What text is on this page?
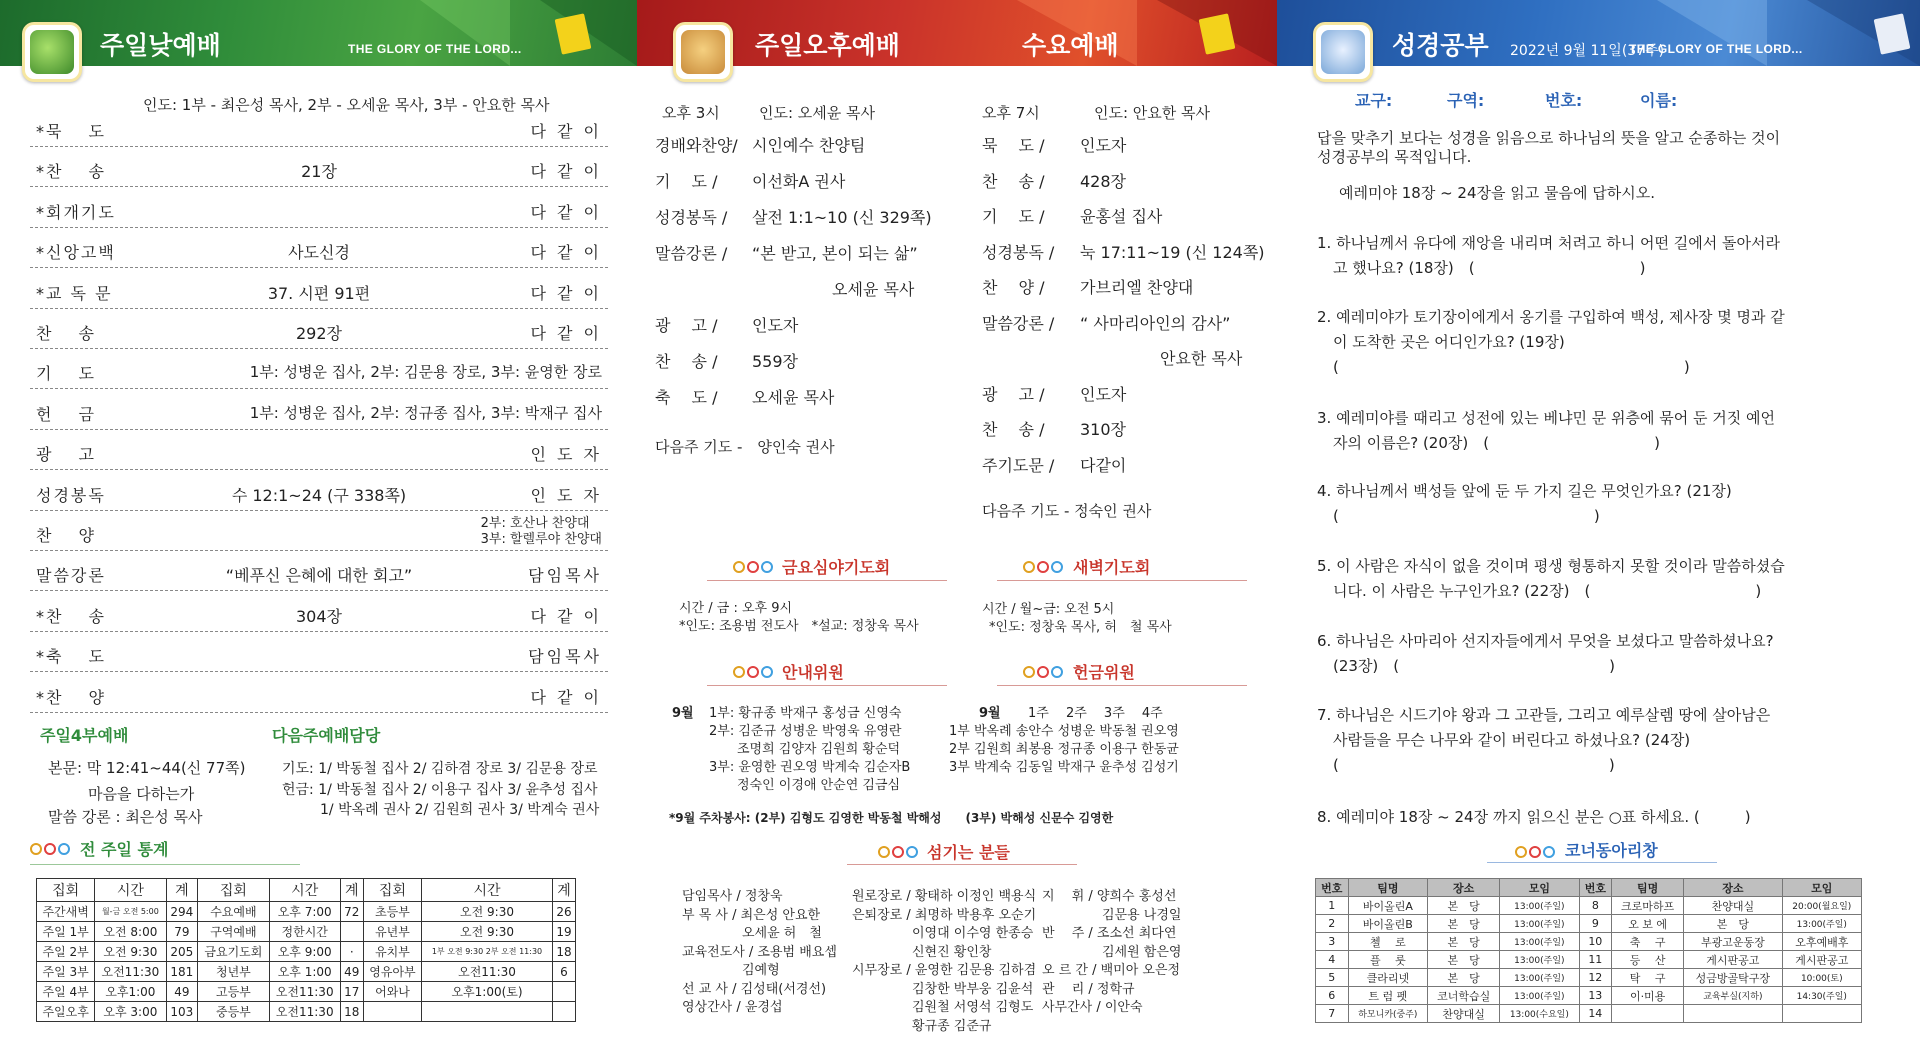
주일낮예배	THE GLORY OF THE LORD...
인도: 1부 - 최은성 목사, 2부 - 오세윤 목사, 3부 - 안요한 목사
*묵　 도	다 같 이
*찬　 송	21장	다 같 이
*회개기도	다 같 이
*신앙고백	사도신경	다 같 이
*교 독 문	37. 시편 91편	다 같 이
찬　 송	292장	다 같 이
기　 도	1부: 성병운 집사, 2부: 김문용 장로, 3부: 윤영한 장로
헌　 금	1부: 성병운 집사, 2부: 정규종 집사, 3부: 박재구 집사
광　 고	인 도 자
성경봉독	수 12:1~24 (구 338쪽)	인 도 자
찬　 양
2부: 호산나 찬양대
3부: 할렐루야 찬양대
말씀강론	“베푸신 은혜에 대한 회고”	담임목사
*찬　 송	304장	다 같 이
*축　 도	담임목사
*찬　 양	다 같 이
주일4부예배
본문: 막 12:41~44(신 77쪽)
마음을 다하는가
말씀 강론 : 최은성 목사
다음주예배담당
기도: 1/ 박동철 집사 2/ 김하겸 장로 3/ 김문용 장로
헌금: 1/ 박동철 집사 2/ 이용구 집사 3/ 윤추성 집사
1/ 박옥례 권사 2/ 김원희 권사 3/ 박계숙 권사
전 주일 통계
집회	시간	계	집회	시간	계	집회	시간	계
주간새벽	월-금 오전 5:00	294	수요예배	오후 7:00	72	초등부	오전 9:30	26
주일 1부	오전 8:00	79	구역예배	정한시간		유년부	오전 9:30	19
주일 2부	오전 9:30	205	금요기도회	오후 9:00	·	유치부	1부 오전 9:30 2부 오전 11:30	18
주일 3부	오전11:30	181	청년부	오후 1:00	49	영유아부	오전11:30	6
주일 4부	오후1:00	49	고등부	오전11:30	17	어와나	오후1:00(토)	
주일오후	오후 3:00	103	중등부	오전11:30	18			
주일오후예배	수요예배
오후 3시	인도: 오세윤 목사
경배와찬양/ 시인예수 찬양팀
기　 도 / 이선화A 권사
성경봉독 / 살전 1:1~10 (신 329쪽)
말씀강론 / “본 받고, 본이 되는 삶”
오세윤 목사
광　 고 / 인도자
찬　 송 / 559장
축　 도 / 오세윤 목사
다음주 기도 -　양인숙 권사
오후 7시	인도: 안요한 목사
묵　 도 / 인도자
찬　 송 / 428장
기　 도 / 윤홍설 집사
성경봉독 / 눅 17:11~19 (신 124쪽)
찬　 양 / 가브리엘 찬양대
말씀강론 / “ 사마리아인의 감사”
안요한 목사
광　 고 / 인도자
찬　 송 / 310장
주기도문 / 다같이
다음주 기도 - 정숙인 권사
금요심야기도회
시간 / 금 : 오후 9시
*인도: 조용범 전도사　*설교: 정창욱 목사
새벽기도회
시간 / 월~금: 오전 5시
*인도: 정창욱 목사, 허　철 목사
안내위원
9월 1부: 황규종 박재구 홍성금 신영숙
2부: 김준규 성병운 박영욱 유영란
조명희 김양자 김원희 황순덕
3부: 윤영한 권오영 박계숙 김순자B
정숙인 이경애 안순연 김금심
헌금위원
9월 1주　 2주　 3주　 4주
1부 박옥례 송안수 성병운 박동철 권오영
2부 김원희 최봉용 정규종 이용구 한동균
3부 박계숙 김동일 박재구 윤추성 김성기
*9월 주차봉사: (2부) 김형도 김영한 박동철 박해성　　(3부) 박해성 신문수 김영한
섬기는 분들
담임목사 / 정창욱
부 목 사 / 최은성 안요한
오세윤 허　철
교육전도사 / 조용범 배요셉
김예형
선 교 사 / 김성태(서경선)
영상간사 / 윤경섭
원로장로 / 황태하 이정인 백용식
은퇴장로 / 최명하 박용후 오순기
이영대 이수영 한종승
신현진 황인창
시무장로 / 윤영한 김문용 김하겸
김창한 박부웅 김윤석
김원철 서영석 김형도
황규종 김준규
지　 휘 / 양희수 홍성선
김문용 나경일
반　 주 / 조소선 최다연
김세원 함은영
오 르 간 / 백미아 오은정
관　 리 / 정학규
사무간사 / 이안숙
성경공부 2022년 9월 11일(37주)
THE GLORY OF THE LORD...
교구:	구역:	번호:	이름:
답을 맞추기 보다는 성경을 읽음으로 하나님의 뜻을 알고 순종하는 것이
성경공부의 목적입니다.
예레미야 18장 ~ 24장을 읽고 물음에 답하시오.
1. 하나님께서 유다에 재앙을 내리며 처려고 하니 어떤 길에서 돌아서라
고 했나요? (18장)　(　　　　　　　　　　　)
2. 예레미야가 토기장이에게서 옹기를 구입하여 백성, 제사장 몇 명과 같
이 도착한 곳은 어디인가요? (19장)
(　　　　　　　　　　　　　　　　　　　　　　　)
3. 예레미야를 때리고 성전에 있는 베냐민 문 위층에 묶어 둔 거짓 예언
자의 이름은? (20장)　(　　　　　　　　　　　)
4. 하나님께서 백성들 앞에 둔 두 가지 길은 무엇인가요? (21장)
(　　　　　　　　　　　　　　　　　)
5. 이 사람은 자식이 없을 것이며 평생 형통하지 못할 것이라 말씀하셨습
니다. 이 사람은 누구인가요? (22장)　(　　　　　　　　　　　)
6. 하나님은 사마리아 선지자들에게서 무엇을 보셨다고 말씀하셨나요?
(23장)　(　　　　　　　　　　　　　　)
7. 하나님은 시드기야 왕과 그 고관들, 그리고 예루살렘 땅에 살아남은
사람들을 무슨 나무와 같이 버린다고 하셨나요? (24장)
(　　　　　　　　　　　　　　　　　　)
8. 예레미야 18장 ~ 24장 까지 읽으신 분은 ○표 하세요. (　　　)
코너동아리창
번호	팀명	장소	모임	번호	팀명	장소	모임
1	바이올린A	본　당	13:00(주일)	8	크로마하프	찬양대실	20:00(월요일)
2	바이올린B	본　당	13:00(주일)	9	오 보 에	본　당	13:00(주일)
3	첼　 로	본　당	13:00(주일)	10	축　 구	부광고운동장	오후예배후
4	플　 룻	본　당	13:00(주일)	11	등　 산	게시판공고	게시판공고
5	클라리넷	본　당	13:00(주일)	12	탁　 구	성금방골탁구장	10:00(토)
6	트 럼 펫	코너학습실	13:00(주일)	13	이·미용	교육부실(지하)	14:30(주일)
7	하모니카(중주)	찬양대실	13:00(수요일)	14			
